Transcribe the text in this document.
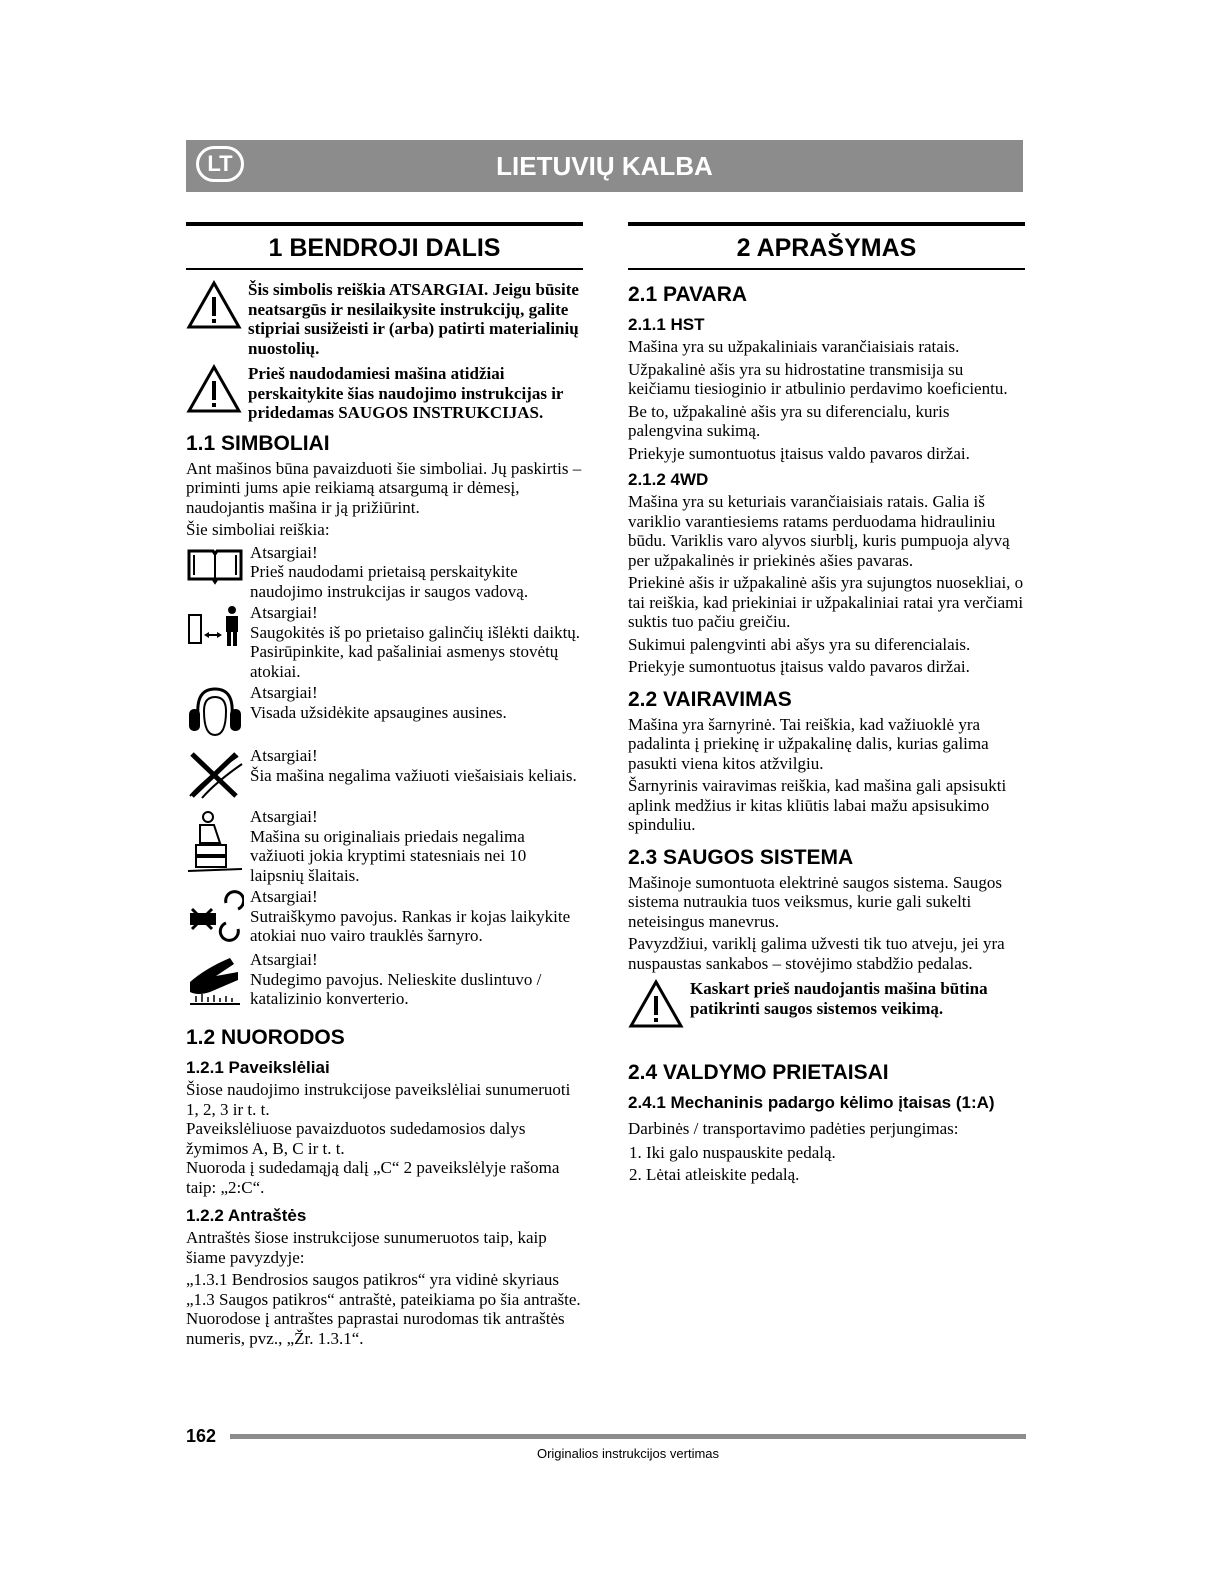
LT	LIETUVIŲ KALBA
1 BENDROJI DALIS
Šis simbolis reiškia ATSARGIAI. Jeigu būsite neatsargūs ir nesilaikysite instrukcijų, galite stipriai susižeisti ir (arba) patirti materialinių nuostolių.
Prieš naudodamiesi mašina atidžiai perskaitykite šias naudojimo instrukcijas ir pridedamas SAUGOS INSTRUKCIJAS.
1.1 SIMBOLIAI

Ant mašinos būna pavaizduoti šie simboliai. Jų paskirtis – priminti jums apie reikiamą atsargumą ir dėmesį, naudojantis mašina ir ją prižiūrint.

Šie simboliai reiškia:

Atsargiai!
Prieš naudodami prietaisą perskaitykite naudojimo instrukcijas ir saugos vadovą.
Atsargiai!
Saugokitės iš po prietaiso galinčių išlėkti daiktų. Pasirūpinkite, kad pašaliniai asmenys stovėtų atokiai.
Atsargiai!
Visada užsidėkite apsaugines ausines.
Atsargiai!
Šia mašina negalima važiuoti viešaisiais keliais.
Atsargiai!
Mašina su originaliais priedais negalima važiuoti jokia kryptimi statesniais nei 10 laipsnių šlaitais.
Atsargiai!
Sutraiškymo pavojus. Rankas ir kojas laikykite atokiai nuo vairo trauklės šarnyro.
Atsargiai!
Nudegimo pavojus. Nelieskite duslintuvo / katalizinio konverterio.
1.2 NUORODOS
1.2.1 Paveikslėliai

Šiose naudojimo instrukcijose paveikslėliai sunumeruoti 1, 2, 3 ir t. t.

Paveikslėliuose pavaizduotos sudedamosios dalys žymimos A, B, C ir t. t.

Nuoroda į sudedamąją dalį „C“ 2 paveikslėlyje rašoma taip: „2:C“.

1.2.2 Antraštės

Antraštės šiose instrukcijose sunumeruotos taip, kaip šiame pavyzdyje:

„1.3.1 Bendrosios saugos patikros“ yra vidinė skyriaus „1.3 Saugos patikros“ antraštė, pateikiama po šia antrašte.

Nuorodose į antraštes paprastai nurodomas tik antraštės numeris, pvz., „Žr. 1.3.1“.

2 APRAŠYMAS
2.1 PAVARA
2.1.1 HST

Mašina yra su užpakaliniais varančiaisiais ratais.

Užpakalinė ašis yra su hidrostatine transmisija su keičiamu tiesioginio ir atbulinio perdavimo koeficientu.

Be to, užpakalinė ašis yra su diferencialu, kuris palengvina sukimą.

Priekyje sumontuotus įtaisus valdo pavaros diržai.

2.1.2 4WD

Mašina yra su keturiais varančiaisiais ratais. Galia iš variklio varantiesiems ratams perduodama hidrauliniu būdu. Variklis varo alyvos siurblį, kuris pumpuoja alyvą per užpakalinės ir priekinės ašies pavaras.

Priekinė ašis ir užpakalinė ašis yra sujungtos nuosekliai, o tai reiškia, kad priekiniai ir užpakaliniai ratai yra verčiami suktis tuo pačiu greičiu.

Sukimui palengvinti abi ašys yra su diferencialais.

Priekyje sumontuotus įtaisus valdo pavaros diržai.

2.2 VAIRAVIMAS

Mašina yra šarnyrinė. Tai reiškia, kad važiuoklė yra padalinta į priekinę ir užpakalinę dalis, kurias galima pasukti viena kitos atžvilgiu.

Šarnyrinis vairavimas reiškia, kad mašina gali apsisukti aplink medžius ir kitas kliūtis labai mažu apsisukimo spinduliu.

2.3 SAUGOS SISTEMA

Mašinoje sumontuota elektrinė saugos sistema. Saugos sistema nutraukia tuos veiksmus, kurie gali sukelti neteisingus manevrus.

Pavyzdžiui, variklį galima užvesti tik tuo atveju, jei yra nuspaustas sankabos – stovėjimo stabdžio pedalas.

Kaskart prieš naudojantis mašina būtina patikrinti saugos sistemos veikimą.
2.4 VALDYMO PRIETAISAI
2.4.1 Mechaninis padargo kėlimo įtaisas (1:A)

Darbinės / transportavimo padėties perjungimas:

1. Iki galo nuspauskite pedalą.
2. Lėtai atleiskite pedalą.
162
Originalios instrukcijos vertimas
